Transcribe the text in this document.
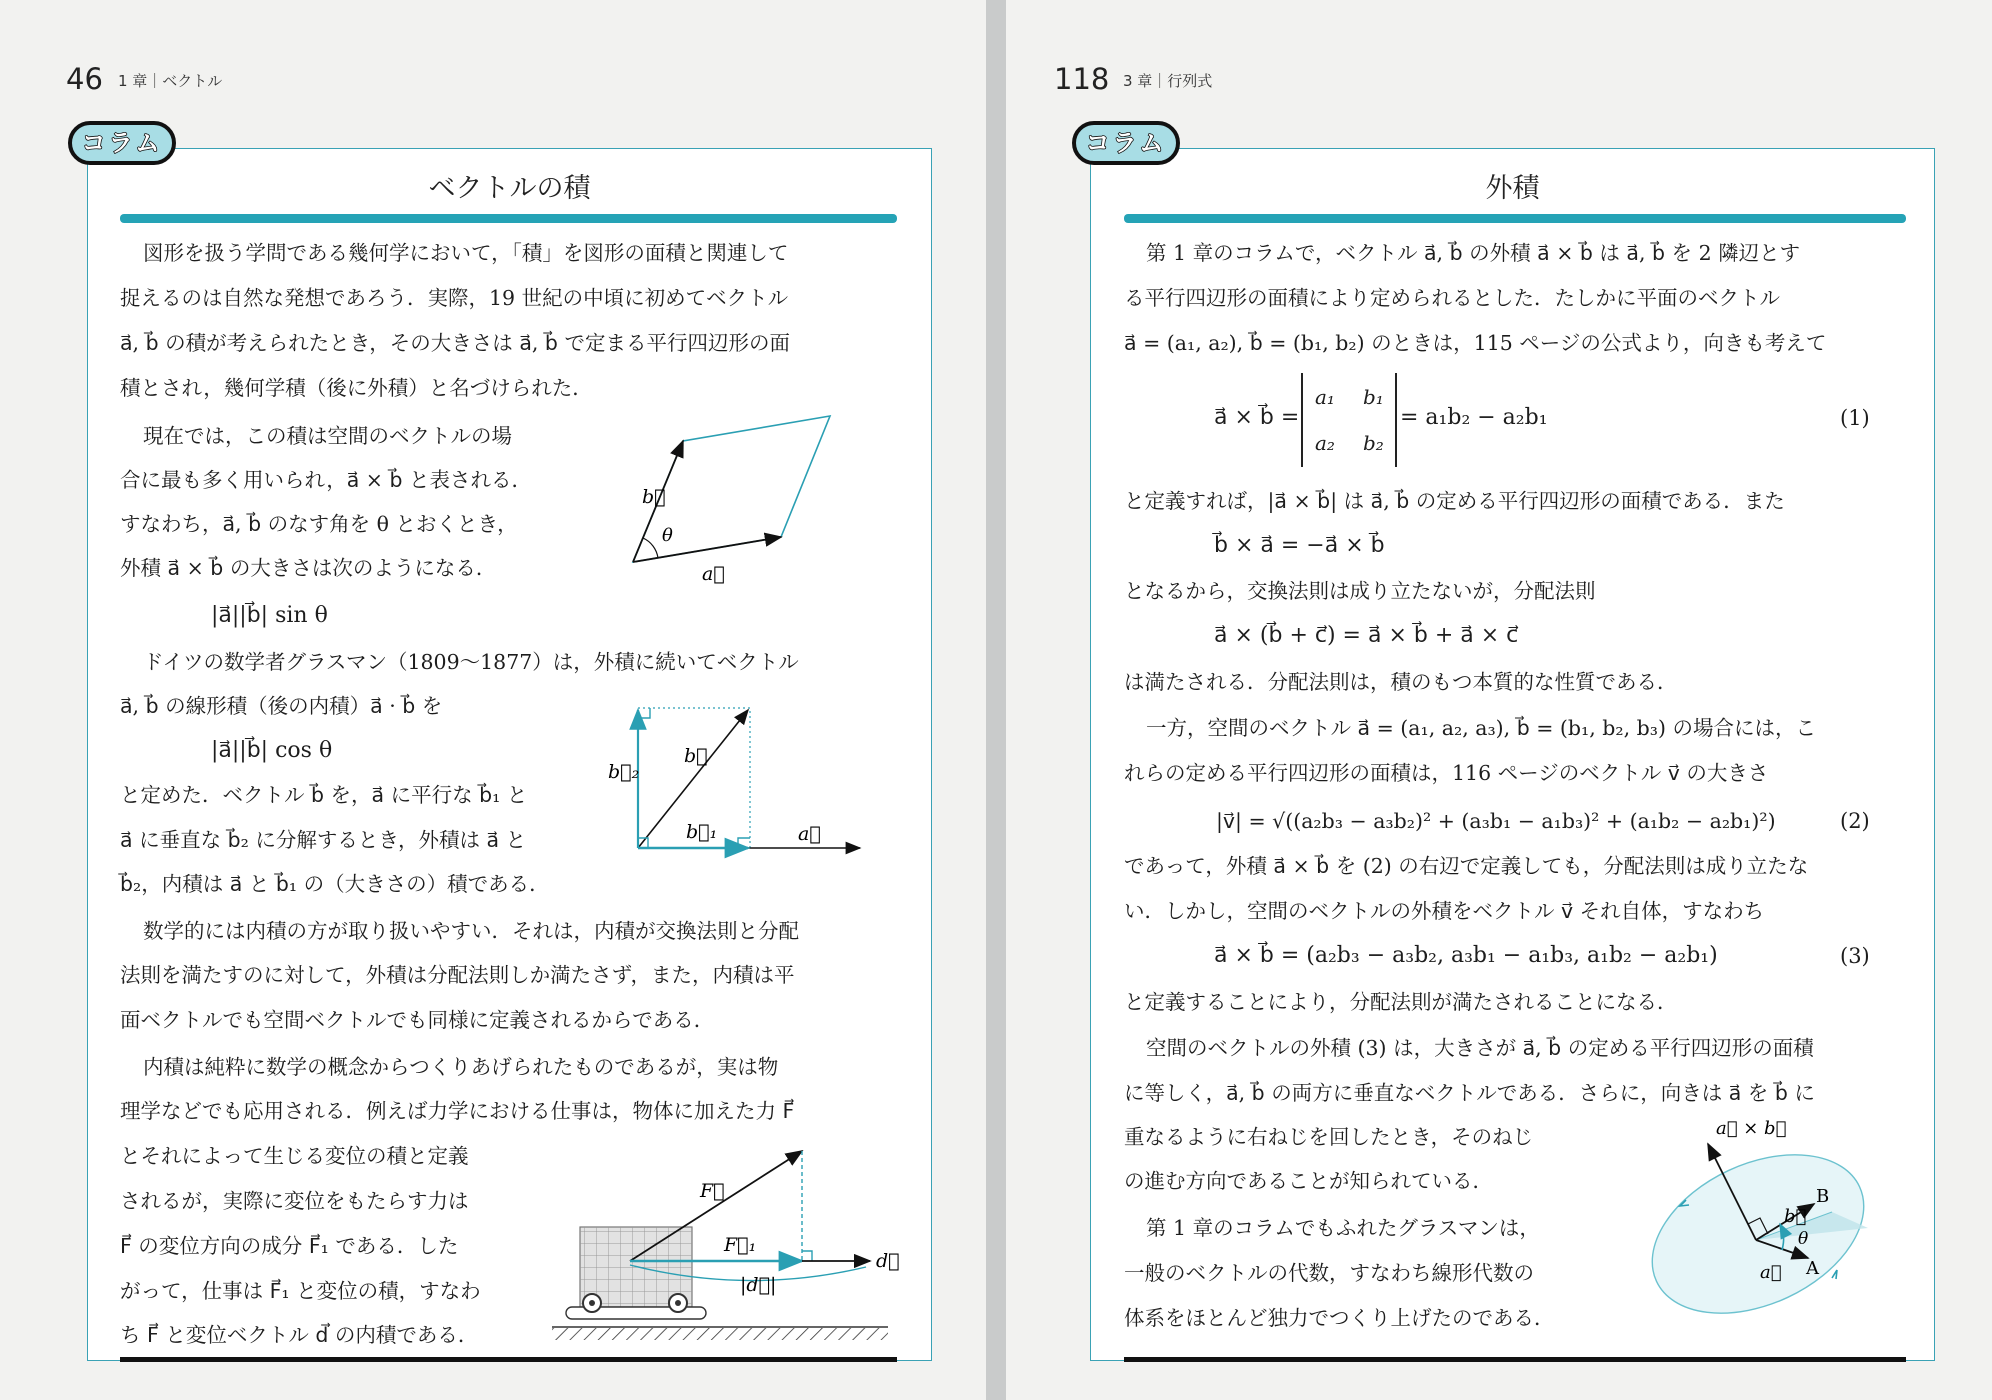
46 1 章｜ベクトル
コラム
ベクトルの積
図形を扱う学問である幾何学において，「積」を図形の面積と関連して
捉えるのは自然な発想であろう．実際，19 世紀の中頃に初めてベクトル
a⃗, b⃗ の積が考えられたとき，その大きさは a⃗, b⃗ で定まる平行四辺形の面
積とされ，幾何学積（後に外積）と名づけられた．
現在では，この積は空間のベクトルの場
合に最も多く用いられ，a⃗ × b⃗ と表される．
すなわち，a⃗, b⃗ のなす角を θ とおくとき，
外積 a⃗ × b⃗ の大きさは次のようになる．
|a⃗||b⃗| sin θ
ドイツの数学者グラスマン（1809〜1877）は，外積に続いてベクトル
a⃗, b⃗ の線形積（後の内積）a⃗ · b⃗ を
|a⃗||b⃗| cos θ
と定めた．ベクトル b⃗ を，a⃗ に平行な b⃗₁ と
a⃗ に垂直な b⃗₂ に分解するとき，外積は a⃗ と
b⃗₂，内積は a⃗ と b⃗₁ の（大きさの）積である．
数学的には内積の方が取り扱いやすい．それは，内積が交換法則と分配
法則を満たすのに対して，外積は分配法則しか満たさず，また，内積は平
面ベクトルでも空間ベクトルでも同様に定義されるからである．
内積は純粋に数学の概念からつくりあげられたものであるが，実は物
理学などでも応用される．例えば力学における仕事は，物体に加えた力 F⃗
とそれによって生じる変位の積と定義
されるが，実際に変位をもたらす力は
F⃗ の変位方向の成分 F⃗₁ である．した
がって，仕事は F⃗₁ と変位の積，すなわ
ち F⃗ と変位ベクトル d⃗ の内積である．
b⃗
θ
a⃗
b⃗₂
b⃗
b⃗₁	a⃗
F⃗
F⃗₁
d⃗
|d⃗|
118 3 章｜行列式
コラム
外積
第 1 章のコラムで，ベクトル a⃗, b⃗ の外積 a⃗ × b⃗ は a⃗, b⃗ を 2 隣辺とす
る平行四辺形の面積により定められるとした．たしかに平面のベクトル
a⃗ = (a₁, a₂), b⃗ = (b₁, b₂) のときは，115 ページの公式より，向きも考えて
a⃗ × b⃗ =
a₁ b₁
a₂ b₂
= a₁b₂ − a₂b₁	(1)
と定義すれば，|a⃗ × b⃗| は a⃗, b⃗ の定める平行四辺形の面積である．また
b⃗ × a⃗ = −a⃗ × b⃗
となるから，交換法則は成り立たないが，分配法則
a⃗ × (b⃗ + c⃗) = a⃗ × b⃗ + a⃗ × c⃗
は満たされる．分配法則は，積のもつ本質的な性質である．
一方，空間のベクトル a⃗ = (a₁, a₂, a₃), b⃗ = (b₁, b₂, b₃) の場合には，こ
れらの定める平行四辺形の面積は，116 ページのベクトル v⃗ の大きさ
|v⃗| = √((a₂b₃ − a₃b₂)² + (a₃b₁ − a₁b₃)² + (a₁b₂ − a₂b₁)²)	(2)
であって，外積 a⃗ × b⃗ を (2) の右辺で定義しても，分配法則は成り立たな
い．しかし，空間のベクトルの外積をベクトル v⃗ それ自体，すなわち
a⃗ × b⃗ = (a₂b₃ − a₃b₂, a₃b₁ − a₁b₃, a₁b₂ − a₂b₁)	(3)
と定義することにより，分配法則が満たされることになる．
空間のベクトルの外積 (3) は，大きさが a⃗, b⃗ の定める平行四辺形の面積
に等しく，a⃗, b⃗ の両方に垂直なベクトルである．さらに，向きは a⃗ を b⃗ に
重なるように右ねじを回したとき，そのねじ
の進む方向であることが知られている．
第 1 章のコラムでもふれたグラスマンは，
一般のベクトルの代数，すなわち線形代数の
体系をほとんど独力でつくり上げたのである．
a⃗ × b⃗
B
b⃗
θ
a⃗ A
